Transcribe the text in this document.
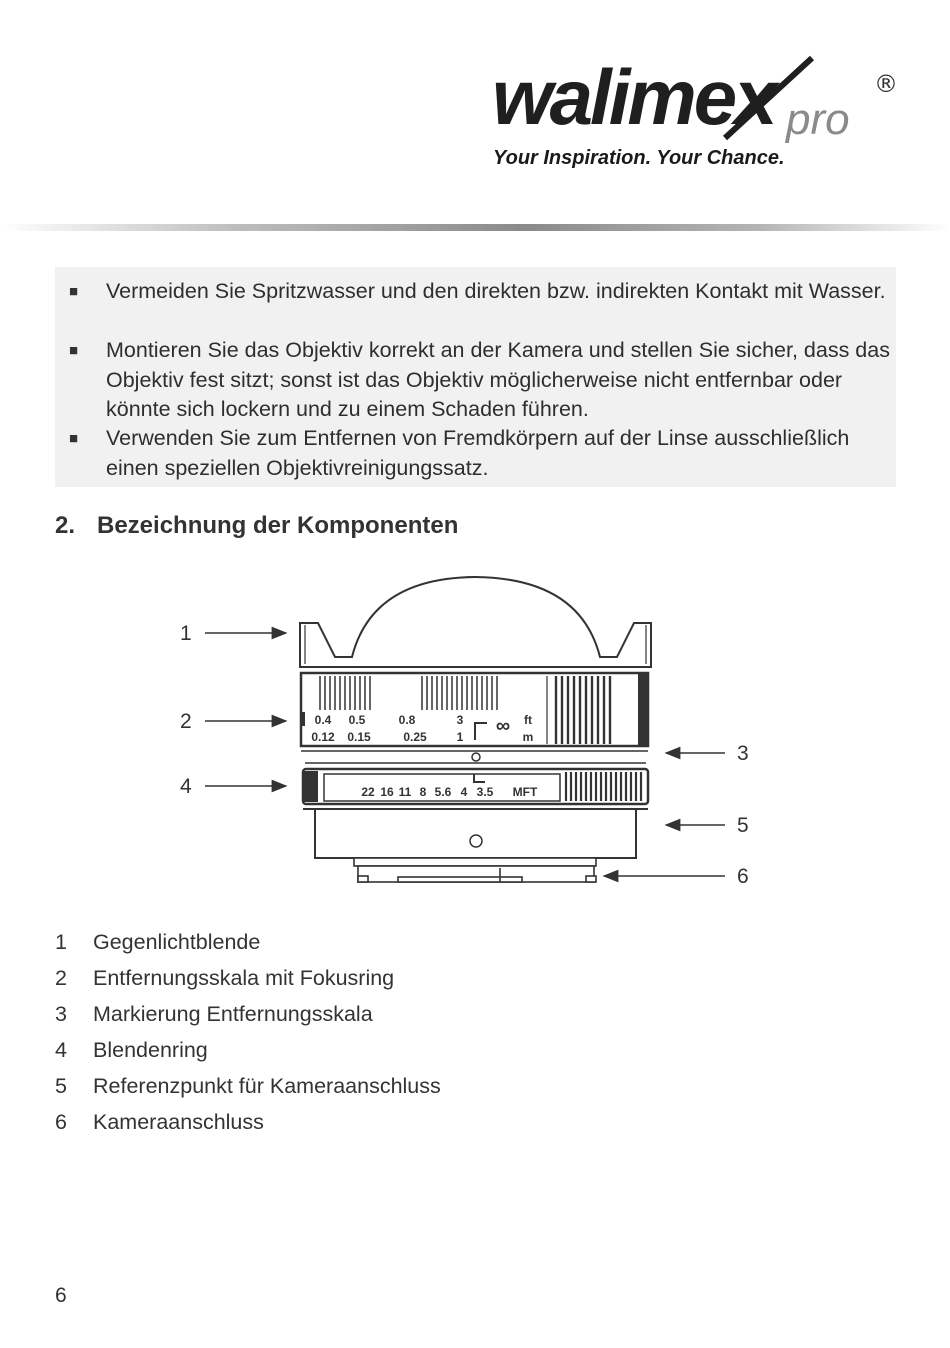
walimex pro
®
Your Inspiration. Your Chance.
■ Vermeiden Sie Spritzwasser und den direkten bzw. indirekten Kontakt mit Wasser.
■ Montieren Sie das Objektiv korrekt an der Kamera und stellen Sie sicher, dass das Objektiv fest sitzt; sonst ist das Objektiv möglicherweise nicht entfernbar oder könnte sich lockern und zu einem Schaden führen.
■ Verwenden Sie zum Entfernen von Fremdkörpern auf der Linse ausschließlich einen speziellen Objektivreinigungssatz.
2. Bezeichnung der Komponenten
0.4 0.5	0.8	3 ∞ ft
0.12 0.15	0.25 1	m
22 16 11 8 5.6 4 3.5 MFT
1
2
3
4
5
6
1 Gegenlichtblende
2 Entfernungsskala mit Fokusring
3 Markierung Entfernungsskala
4 Blendenring
5 Referenzpunkt für Kameraanschluss
6 Kameraanschluss
6
